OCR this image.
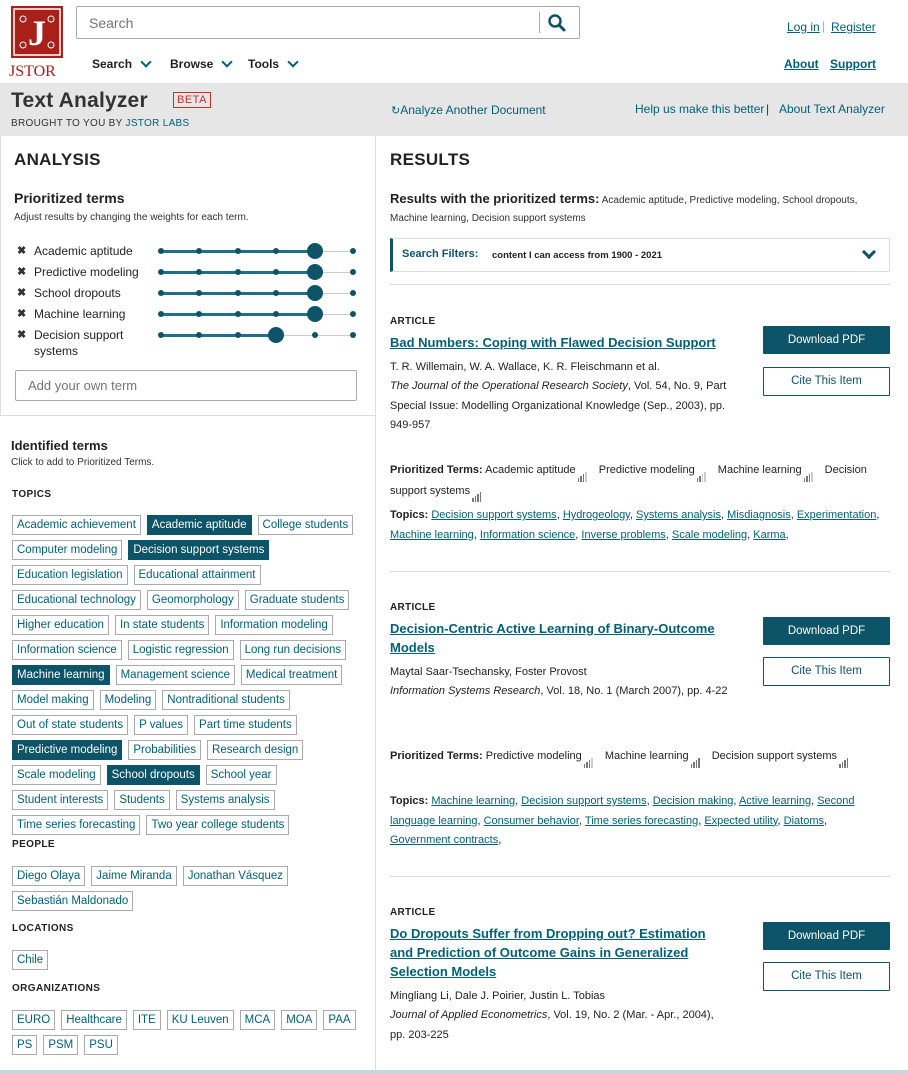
J
JSTOR
Search	Search	Browse	Tools
Log in | Register
About Support
Text Analyzer	BETA
BROUGHT TO YOU BY JSTOR LABS
↻Analyze Another Document	Help us make this better | About Text Analyzer
ANALYSIS
Prioritized terms
Adjust results by changing the weights for each term.
✖ Academic aptitude
✖ Predictive modeling
✖ School dropouts
✖ Machine learning
✖ Decision support systems
Add your own term
Identified terms
Click to add to Prioritized Terms.
TOPICS
Academic achievement	Academic aptitude	College students
Computer modeling	Decision support systems
Education legislation	Educational attainment
Educational technology	Geomorphology	Graduate students
Higher education	In state students	Information modeling
Information science	Logistic regression	Long run decisions
Machine learning	Management science	Medical treatment
Model making	Modeling	Nontraditional students
Out of state students	P values	Part time students
Predictive modeling	Probabilities	Research design
Scale modeling	School dropouts	School year
Student interests	Students	Systems analysis
Time series forecasting	Two year college students
PEOPLE
Diego Olaya	Jaime Miranda	Jonathan Vásquez
Sebastián Maldonado
LOCATIONS
Chile
ORGANIZATIONS
EURO	Healthcare	ITE	KU Leuven	MCA	MOA	PAA
PS	PSM	PSU
RESULTS
Results with the prioritized terms: Academic aptitude, Predictive modeling, School dropouts, Machine learning, Decision support systems
Search Filters: content I can access from 1900 - 2021
ARTICLE
Bad Numbers: Coping with Flawed Decision Support
T. R. Willemain, W. A. Wallace, K. R. Fleischmann et al.
The Journal of the Operational Research Society, Vol. 54, No. 9, Part Special Issue: Modelling Organizational Knowledge (Sep., 2003), pp. 949-957
Download PDF
Cite This Item
Prioritized Terms: Academic aptitude Predictive modeling Machine learning Decision support systems
Topics: Decision support systems, Hydrogeology, Systems analysis, Misdiagnosis, Experimentation, Machine learning, Information science, Inverse problems, Scale modeling, Karma,
ARTICLE
Decision-Centric Active Learning of Binary-Outcome Models
Maytal Saar-Tsechansky, Foster Provost
Information Systems Research, Vol. 18, No. 1 (March 2007), pp. 4-22
Download PDF
Cite This Item
Prioritized Terms: Predictive modeling Machine learning Decision support systems
Topics: Machine learning, Decision support systems, Decision making, Active learning, Second language learning, Consumer behavior, Time series forecasting, Expected utility, Diatoms, Government contracts,
ARTICLE
Do Dropouts Suffer from Dropping out? Estimation and Prediction of Outcome Gains in Generalized Selection Models
Mingliang Li, Dale J. Poirier, Justin L. Tobias
Journal of Applied Econometrics, Vol. 19, No. 2 (Mar. - Apr., 2004), pp. 203-225
Download PDF
Cite This Item
